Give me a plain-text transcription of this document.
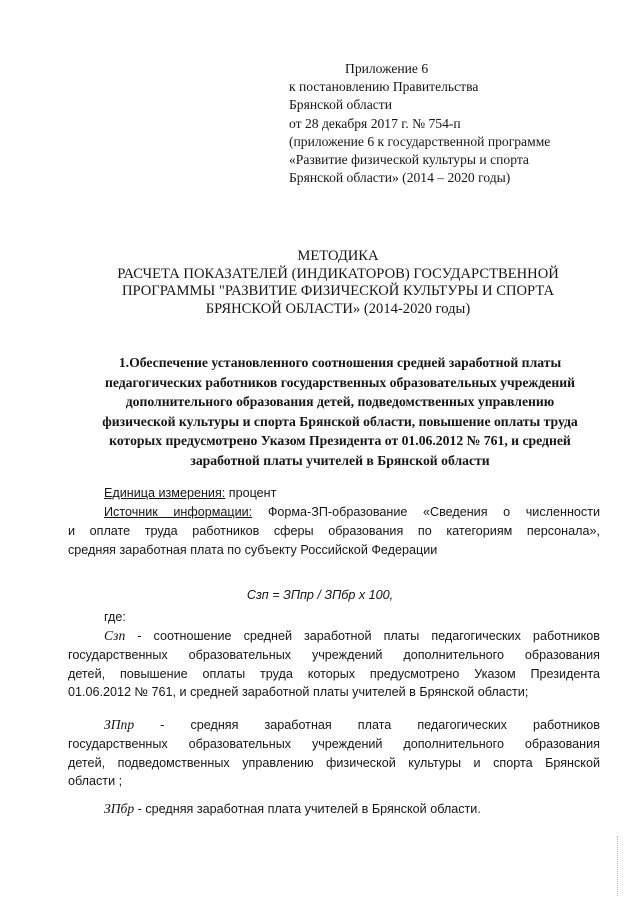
Приложение 6
к постановлению Правительства
Брянской области
от 28 декабря 2017 г. № 754-п
(приложение 6 к государственной программе
«Развитие физической культуры и спорта
Брянской области» (2014 – 2020 годы)
МЕТОДИКА
РАСЧЕТА ПОКАЗАТЕЛЕЙ (ИНДИКАТОРОВ) ГОСУДАРСТВЕННОЙ
ПРОГРАММЫ "РАЗВИТИЕ ФИЗИЧЕСКОЙ КУЛЬТУРЫ И СПОРТА
БРЯНСКОЙ ОБЛАСТИ» (2014-2020 годы)
1.Обеспечение установленного соотношения средней заработной платы
педагогических работников государственных образовательных учреждений
дополнительного образования детей, подведомственных управлению
физической культуры и спорта Брянской области, повышение оплаты труда
которых предусмотрено Указом Президента от 01.06.2012 № 761, и средней
заработной платы учителей в Брянской области
Единица измерения: процент
Источник информации: Форма-ЗП-образование «Сведения о численности
и оплате труда работников сферы образования по категориям персонала»,
средняя заработная плата по субъекту Российской Федерации
Сзп = ЗПпр / ЗПбр х 100,
где:
Сзп - соотношение средней заработной платы педагогических работников
государственных образовательных учреждений дополнительного образования
детей, повышение оплаты труда которых предусмотрено Указом Президента
01.06.2012 № 761, и средней заработной платы учителей в Брянской области;
ЗПпр - средняя заработная плата педагогических работников
государственных образовательных учреждений дополнительного образования
детей, подведомственных управлению физической культуры и спорта Брянской
области ;
ЗПбр - средняя заработная плата учителей в Брянской области.
